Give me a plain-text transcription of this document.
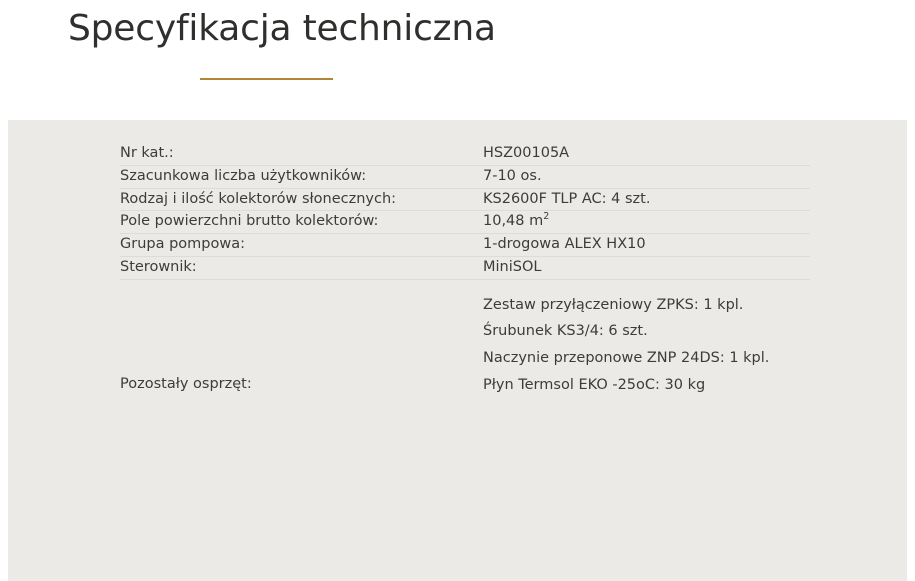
Specyfikacja techniczna
Nr kat.:	HSZ00105A
Szacunkowa liczba użytkowników:	7-10 os.
Rodzaj i ilość kolektorów słonecznych:	KS2600F TLP AC: 4 szt.
Pole powierzchni brutto kolektorów:	10,48 $m^2$
Grupa pompowa:	1-drogowa ALEX HX10
Sterownik:	MiniSOL
Pozostały osprzęt:	Zestaw przyłączeniowy ZPKS: 1 kpl.
Śrubunek KS3/4: 6 szt.
Naczynie przeponowe ZNP 24DS: 1 kpl.
Płyn Termsol EKO -25oC: 30 kg
